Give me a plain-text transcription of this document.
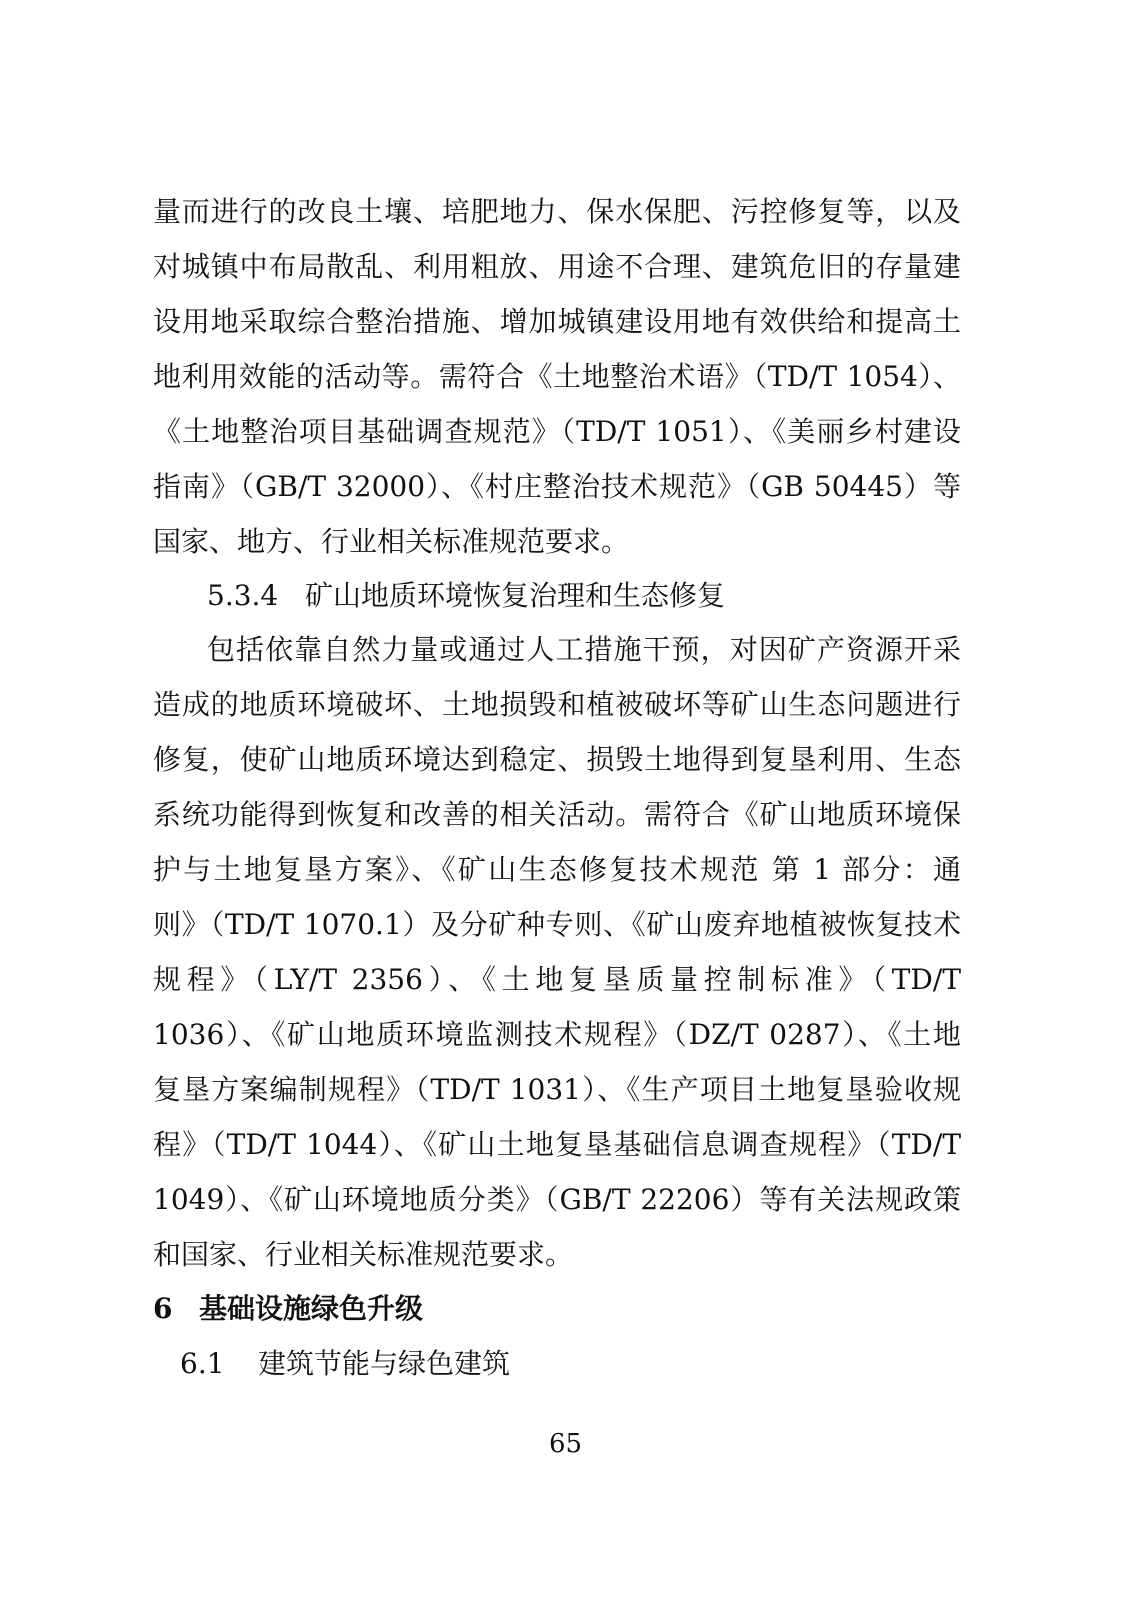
量而进行的改良土壤、培肥地力、保水保肥、污控修复等，以及
对城镇中布局散乱、利用粗放、用途不合理、建筑危旧的存量建
设用地采取综合整治措施、增加城镇建设用地有效供给和提高土
地利用效能的活动等。需符合《土地整治术语》（TD/T 1054）、
《土地整治项目基础调查规范》（TD/T 1051）、《美丽乡村建设
指南》（GB/T 32000）、《村庄整治技术规范》（GB 50445）等
国家、地方、行业相关标准规范要求。
5.3.4 矿山地质环境恢复治理和生态修复
包括依靠自然力量或通过人工措施干预，对因矿产资源开采
造成的地质环境破坏、土地损毁和植被破坏等矿山生态问题进行
修复，使矿山地质环境达到稳定、损毁土地得到复垦利用、生态
系统功能得到恢复和改善的相关活动。需符合《矿山地质环境保
护与土地复垦方案》、《矿山生态修复技术规范 第 1 部分：通
则》（TD/T 1070.1）及分矿种专则、《矿山废弃地植被恢复技术
规程》（LY/T 2356）、《土地复垦质量控制标准》（TD/T
1036）、《矿山地质环境监测技术规程》（DZ/T 0287）、《土地
复垦方案编制规程》（TD/T 1031）、《生产项目土地复垦验收规
程》（TD/T 1044）、《矿山土地复垦基础信息调查规程》（TD/T
1049）、《矿山环境地质分类》（GB/T 22206）等有关法规政策
和国家、行业相关标准规范要求。
6 基础设施绿色升级
6.1 建筑节能与绿色建筑
65
